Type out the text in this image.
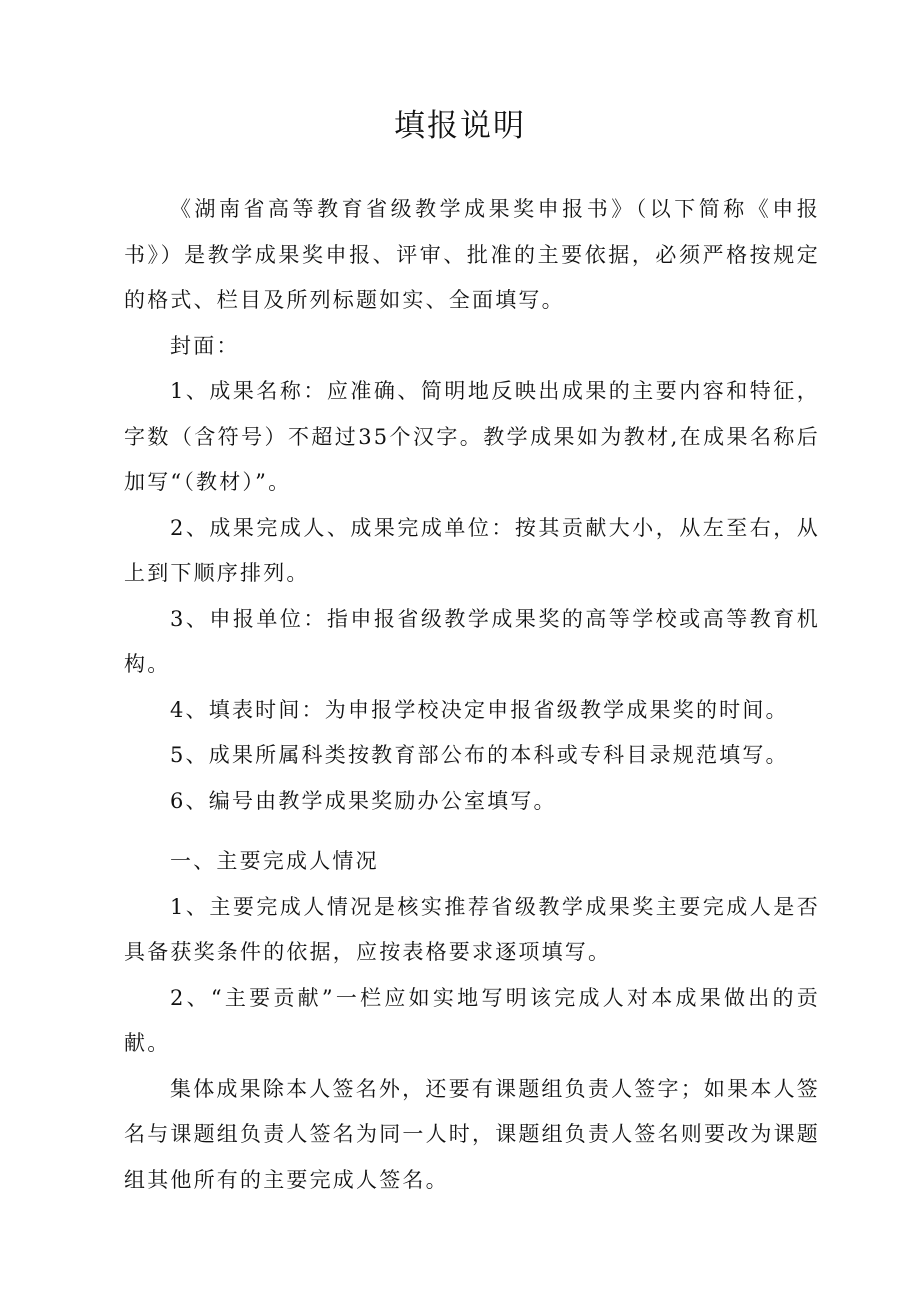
填报说明

《湖南省高等教育省级教学成果奖申报书》（以下简称《申报书》）是教学成果奖申报、评审、批准的主要依据，必须严格按规定的格式、栏目及所列标题如实、全面填写。

封面：

1、成果名称：应准确、简明地反映出成果的主要内容和特征，字数（含符号）不超过35个汉字。教学成果如为教材,在成果名称后加写“（教材）”。

2、成果完成人、成果完成单位：按其贡献大小，从左至右，从上到下顺序排列。

3、申报单位：指申报省级教学成果奖的高等学校或高等教育机构。

4、填表时间：为申报学校决定申报省级教学成果奖的时间。

5、成果所属科类按教育部公布的本科或专科目录规范填写。

6、编号由教学成果奖励办公室填写。

一、主要完成人情况

1、主要完成人情况是核实推荐省级教学成果奖主要完成人是否具备获奖条件的依据，应按表格要求逐项填写。

2、“主要贡献”一栏应如实地写明该完成人对本成果做出的贡献。

集体成果除本人签名外，还要有课题组负责人签字；如果本人签名与课题组负责人签名为同一人时，课题组负责人签名则要改为课题组其他所有的主要完成人签名。
